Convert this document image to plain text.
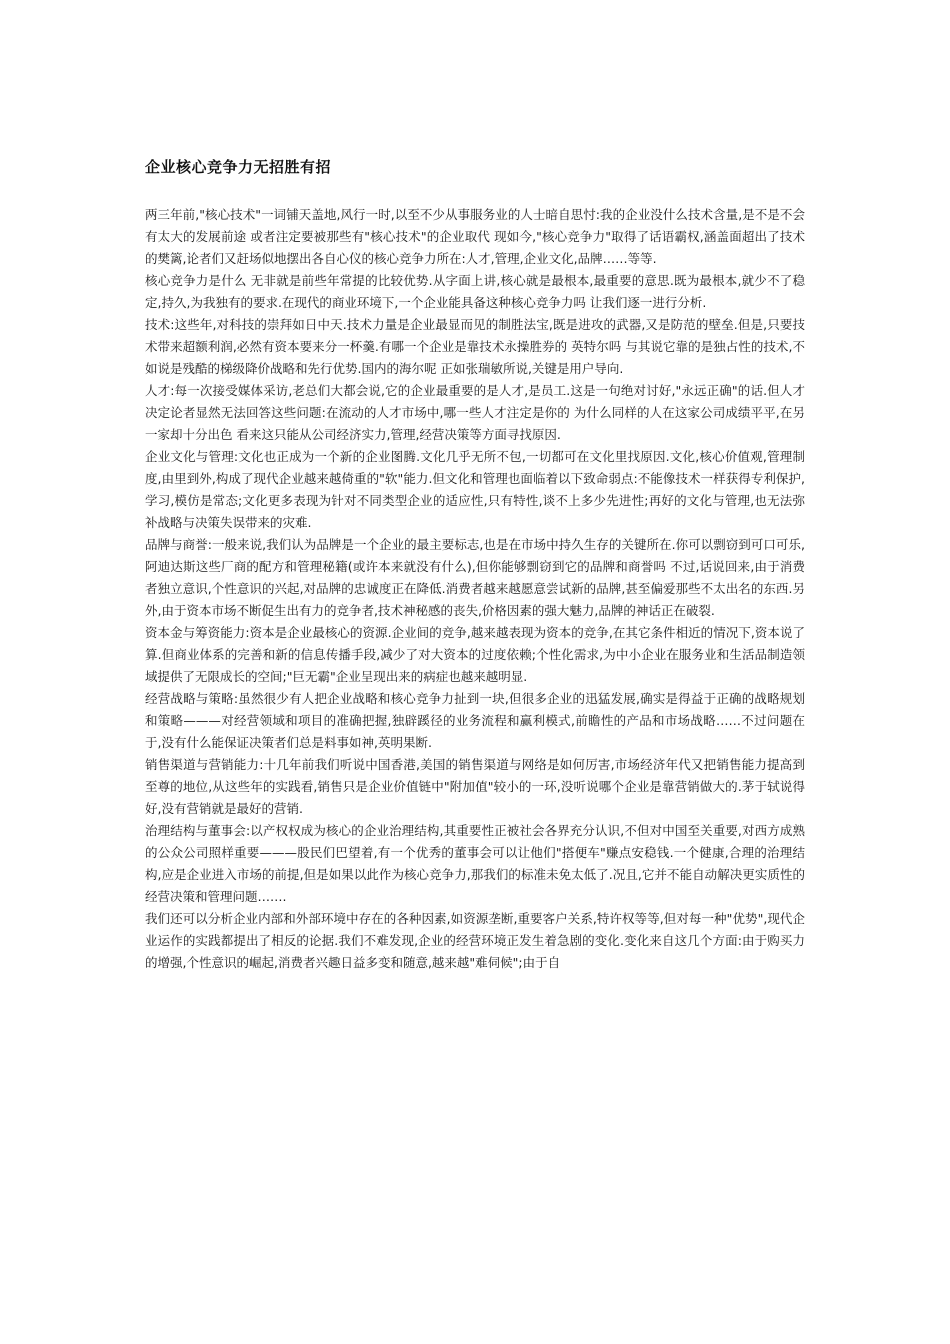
企业核心竞争力无招胜有招

两三年前,"核心技术"一词铺天盖地,风行一时,以至不少从事服务业的人士暗自思忖:我的企业没什么技术含量,是不是不会有太大的发展前途 或者注定要被那些有"核心技术"的企业取代 现如今,"核心竞争力"取得了话语霸权,涵盖面超出了技术的樊篱,论者们又赶场似地摆出各自心仪的核心竞争力所在:人才,管理,企业文化,品牌……等等.

核心竞争力是什么 无非就是前些年常提的比较优势.从字面上讲,核心就是最根本,最重要的意思.既为最根本,就少不了稳定,持久,为我独有的要求.在现代的商业环境下,一个企业能具备这种核心竞争力吗 让我们逐一进行分析.

技术:这些年,对科技的崇拜如日中天.技术力量是企业最显而见的制胜法宝,既是进攻的武器,又是防范的壁垒.但是,只要技术带来超额利润,必然有资本要来分一杯羹.有哪一个企业是靠技术永操胜券的 英特尔吗 与其说它靠的是独占性的技术,不如说是残酷的梯级降价战略和先行优势.国内的海尔呢 正如张瑞敏所说,关键是用户导向.

人才:每一次接受媒体采访,老总们大都会说,它的企业最重要的是人才,是员工.这是一句绝对讨好,"永远正确"的话.但人才决定论者显然无法回答这些问题:在流动的人才市场中,哪一些人才注定是你的 为什么同样的人在这家公司成绩平平,在另一家却十分出色 看来这只能从公司经济实力,管理,经营决策等方面寻找原因.

企业文化与管理:文化也正成为一个新的企业图腾.文化几乎无所不包,一切都可在文化里找原因.文化,核心价值观,管理制度,由里到外,构成了现代企业越来越倚重的"软"能力.但文化和管理也面临着以下致命弱点:不能像技术一样获得专利保护,学习,模仿是常态;文化更多表现为针对不同类型企业的适应性,只有特性,谈不上多少先进性;再好的文化与管理,也无法弥补战略与决策失误带来的灾难.

品牌与商誉:一般来说,我们认为品牌是一个企业的最主要标志,也是在市场中持久生存的关键所在.你可以剽窃到可口可乐,阿迪达斯这些厂商的配方和管理秘籍(或许本来就没有什么),但你能够剽窃到它的品牌和商誉吗 不过,话说回来,由于消费者独立意识,个性意识的兴起,对品牌的忠诚度正在降低.消费者越来越愿意尝试新的品牌,甚至偏爱那些不太出名的东西.另外,由于资本市场不断促生出有力的竞争者,技术神秘感的丧失,价格因素的强大魅力,品牌的神话正在破裂.

资本金与筹资能力:资本是企业最核心的资源.企业间的竞争,越来越表现为资本的竞争,在其它条件相近的情况下,资本说了算.但商业体系的完善和新的信息传播手段,减少了对大资本的过度依赖;个性化需求,为中小企业在服务业和生活品制造领域提供了无限成长的空间;"巨无霸"企业呈现出来的病症也越来越明显.

经营战略与策略:虽然很少有人把企业战略和核心竞争力扯到一块,但很多企业的迅猛发展,确实是得益于正确的战略规划和策略———对经营领域和项目的准确把握,独辟蹊径的业务流程和赢利模式,前瞻性的产品和市场战略……不过问题在于,没有什么能保证决策者们总是料事如神,英明果断.

销售渠道与营销能力:十几年前我们听说中国香港,美国的销售渠道与网络是如何厉害,市场经济年代又把销售能力提高到至尊的地位,从这些年的实践看,销售只是企业价值链中"附加值"较小的一环,没听说哪个企业是靠营销做大的.茅于轼说得好,没有营销就是最好的营销.

治理结构与董事会:以产权权成为核心的企业治理结构,其重要性正被社会各界充分认识,不但对中国至关重要,对西方成熟的公众公司照样重要———股民们巴望着,有一个优秀的董事会可以让他们"搭便车"赚点安稳钱.一个健康,合理的治理结构,应是企业进入市场的前提,但是如果以此作为核心竞争力,那我们的标准未免太低了.况且,它并不能自动解决更实质性的经营决策和管理问题…….

我们还可以分析企业内部和外部环境中存在的各种因素,如资源垄断,重要客户关系,特许权等等,但对每一种"优势",现代企业运作的实践都提出了相反的论据.我们不难发现,企业的经营环境正发生着急剧的变化.变化来自这几个方面:由于购买力的增强,个性意识的崛起,消费者兴趣日益多变和随意,越来越"难伺候";由于自
